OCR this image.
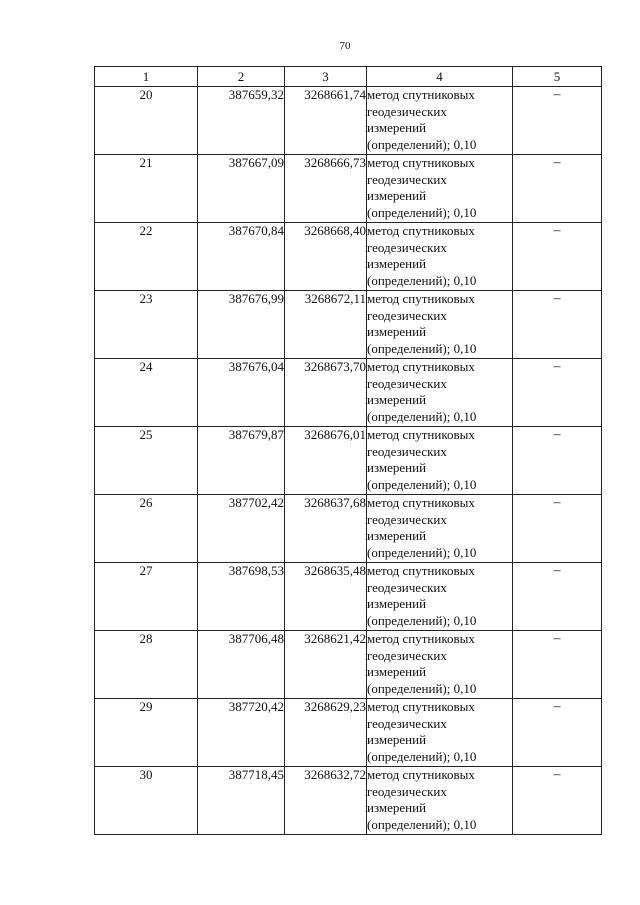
70
1	2	3	4	5
20	387659,32	3268661,74	метод спутниковых
геодезических
измерений
(определений); 0,10	–
21	387667,09	3268666,73	метод спутниковых
геодезических
измерений
(определений); 0,10	–
22	387670,84	3268668,40	метод спутниковых
геодезических
измерений
(определений); 0,10	–
23	387676,99	3268672,11	метод спутниковых
геодезических
измерений
(определений); 0,10	–
24	387676,04	3268673,70	метод спутниковых
геодезических
измерений
(определений); 0,10	–
25	387679,87	3268676,01	метод спутниковых
геодезических
измерений
(определений); 0,10	–
26	387702,42	3268637,68	метод спутниковых
геодезических
измерений
(определений); 0,10	–
27	387698,53	3268635,48	метод спутниковых
геодезических
измерений
(определений); 0,10	–
28	387706,48	3268621,42	метод спутниковых
геодезических
измерений
(определений); 0,10	–
29	387720,42	3268629,23	метод спутниковых
геодезических
измерений
(определений); 0,10	–
30	387718,45	3268632,72	метод спутниковых
геодезических
измерений
(определений); 0,10	–
